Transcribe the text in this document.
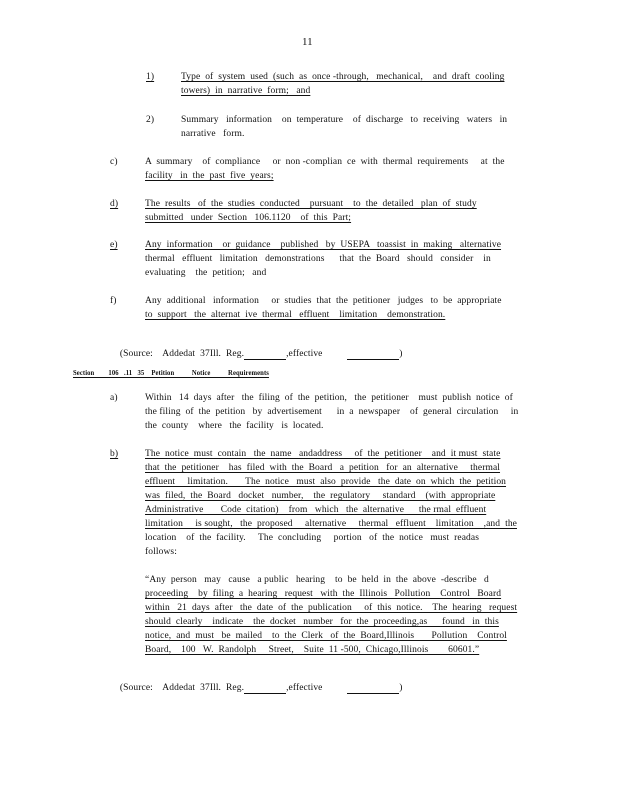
11
1)	Type  of  system  used  (such  as  once -through,   mechanical,    and  draft  cooling
towers)  in  narrative  form;   and
2)	Summary   information    on  temperature    of  discharge   to  receiving   waters   in
narrative   form.
c)	A  summary    of  compliance     or  non -complian  ce  with  thermal  requirements     at  the
facility   in  the  past  five  years;
d)	The  results   of  the  studies  conducted    pursuant    to  the  detailed   plan  of  study
submitted   under  Section   106.1120    of  this  Part;
e)	Any  information    or  guidance    published   by  USEPA   toassist  in  making   alternative
thermal   effluent   limitation   demonstrations      that  the  Board   should   consider    in
evaluating    the  petition;   and
f)	Any  additional   information     or  studies  that  the  petitioner   judges   to  be  appropriate
to  support   the  alternat  ive  thermal   effluent    limitation    demonstration.

(Source: Addedat  37Ill.  Reg.	,effective	)

Section        106   .11   35    Petition          Notice          Requirements
a)	Within   14  days  after   the  filing  of  the  petition,   the  petitioner    must  publish  notice  of
the filing  of  the  petition   by  advertisement      in  a  newspaper    of  general  circulation     in
the  county    where   the  facility   is  located.
b)	The  notice  must  contain   the  name   andaddress     of  the  petitioner    and  it must  state
that  the  petitioner    has  filed  with  the  Board   a  petition   for  an  alternative     thermal
effluent     limitation.       The  notice   must  also  provide   the  date  on  which  the  petition
was  filed,  the  Board   docket   number,    the  regulatory     standard    (with  appropriate
Administrative       Code  citation)    from   which   the  alternative      the rmal  effluent
limitation     is sought,   the  proposed     alternative     thermal   effluent    limitation    ,and  the
location    of  the  facility.     The  concluding     portion   of  the  notice   must  readas
follows:
“Any  person   may   cause   a public   hearing    to  be  held  in  the  above  -describe   d
proceeding    by  filing  a  hearing   request   with  the  Illinois   Pollution    Control   Board
within   21  days  after   the  date  of  the  publication     of  this  notice.    The  hearing   request
should  clearly    indicate    the  docket   number   for  the  proceeding,as      found   in  this
notice,  and  must   be  mailed    to  the  Clerk   of  the  Board,Illinois       Pollution    Control
Board,    100   W.  Randolph     Street,    Suite  11 -500,  Chicago,Illinois        60601.”

(Source: Addedat  37Ill.  Reg.	,effective	)
